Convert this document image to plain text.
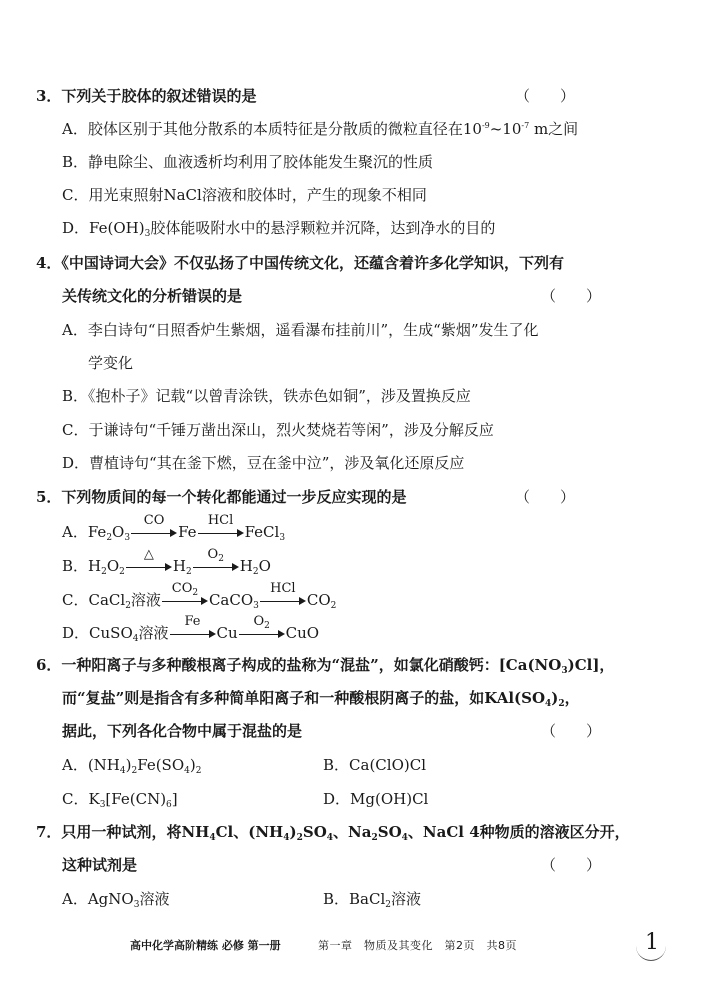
3．下列关于胶体的叙述错误的是	（　　）
A．胶体区别于其他分散系的本质特征是分散质的微粒直径在$10^{-9}\sim 10^{-7}$ m之间
B．静电除尘、血液透析均利用了胶体能发生聚沉的性质
C．用光束照射NaCl溶液和胶体时，产生的现象不相同
D．$Fe(OH)_3$胶体能吸附水中的悬浮颗粒并沉降，达到净水的目的
4．《中国诗词大会》不仅弘扬了中国传统文化，还蕴含着许多化学知识，下列有
关传统文化的分析错误的是	（　　）
A．李白诗句“日照香炉生紫烟，遥看瀑布挂前川”，生成“紫烟”发生了化
学变化
B．《抱朴子》记载“以曾青涂铁，铁赤色如铜”，涉及置换反应
C．于谦诗句“千锤万凿出深山，烈火焚烧若等闲”，涉及分解反应
D．曹植诗句“其在釜下燃，豆在釜中泣”，涉及氧化还原反应
5．下列物质间的每一个转化都能通过一步反应实现的是	（　　）
A．$Fe_2O_3$
CO
Fe
HCl
FeCl$_3$
B．$H_2O_2$
△
$H_2$
$O_2$	$H_2O$
C．CaCl$_2$溶液
$CO_2$ CaCO$_3$
HCl
$CO_2$
D．CuSO$_4$溶液
Fe
Cu
$O_2$	CuO
6．一种阳离子与多种酸根离子构成的盐称为“混盐”，如氯化硝酸钙：$[Ca(NO_3)Cl]$，
而“复盐”则是指含有多种简单阳离子和一种酸根阴离子的盐，如$KAl(SO_4)_2$，
据此，下列各化合物中属于混盐的是	（　　）
A．$(NH_4)_2Fe(SO_4)_2$	B．Ca(ClO)Cl
C．$K_3[Fe(CN)_6]$	D．Mg(OH)Cl
7．只用一种试剂，将$NH_4Cl$、$(NH_4)_2SO_4$、$Na_2SO_4$、NaCl 4种物质的溶液区分开，
这种试剂是	（　　）
A．AgNO$_3$溶液	B．BaCl$_2$溶液
高中化学高阶精练 必修 第一册	第一章　物质及其变化　第2页　共8页	1
